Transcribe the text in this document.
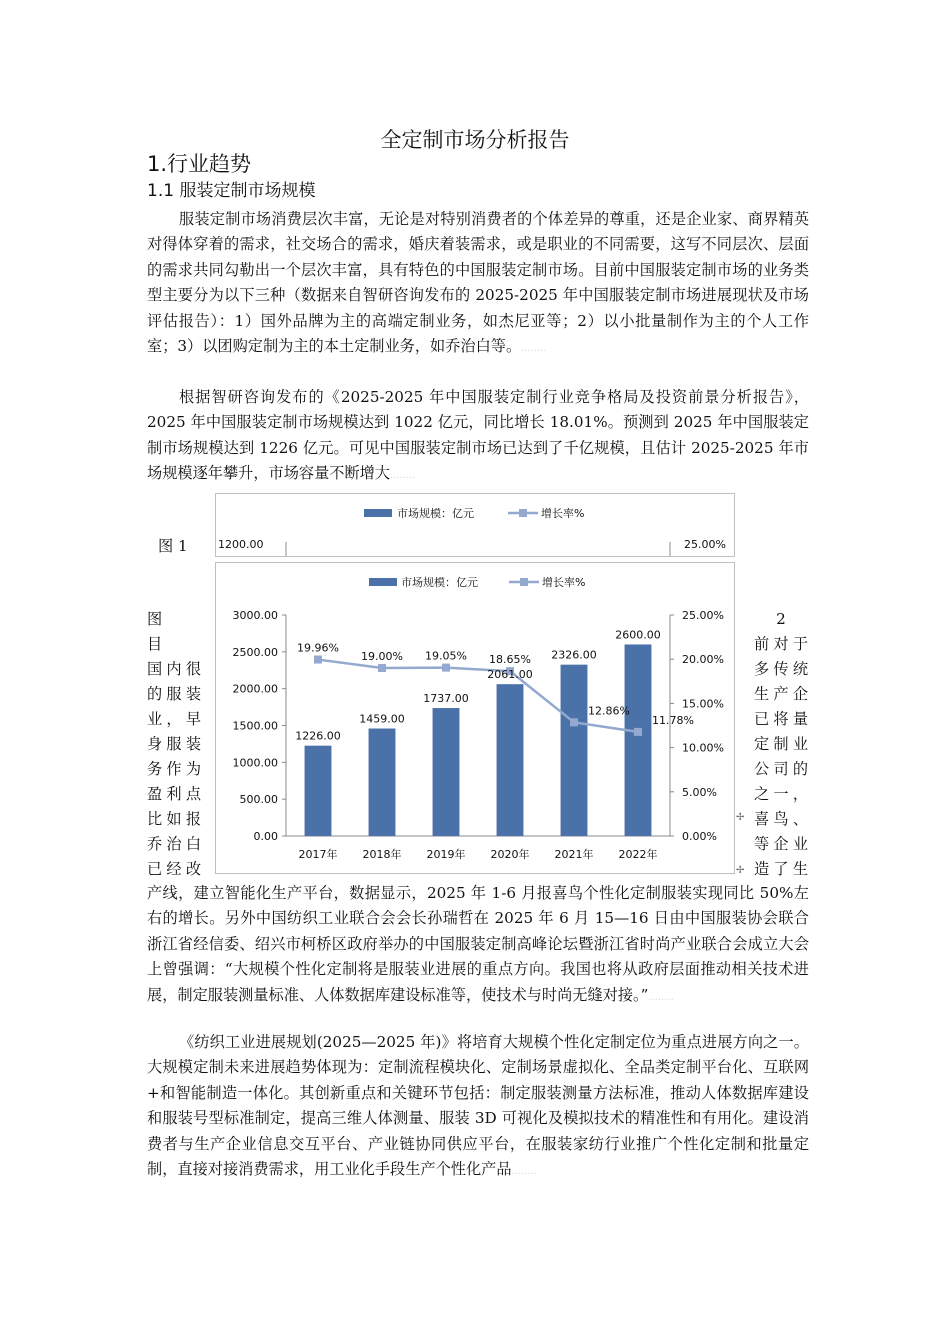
全定制市场分析报告
1.行业趋势
1.1 服装定制市场规模
服装定制市场消费层次丰富，无论是对特别消费者的个体差异的尊重，还是企业家、商界精英对得体穿着的需求，社交场合的需求，婚庆着装需求，或是职业的不同需要，这写不同层次、层面的需求共同勾勒出一个层次丰富，具有特色的中国服装定制市场。目前中国服装定制市场的业务类型主要分为以下三种（数据来自智研咨询发布的 2025-2025 年中国服装定制市场进展现状及市场评估报告）：1）国外品牌为主的高端定制业务，如杰尼亚等；2）以小批量制作为主的个人工作室；3）以团购定制为主的本土定制业务，如乔治白等。........
根据智研咨询发布的《2025-2025 年中国服装定制行业竞争格局及投资前景分析报告》，2025 年中国服装定制市场规模达到 1022 亿元，同比增长 18.01%。预测到 2025 年中国服装定制市场规模达到 1226 亿元。可见中国服装定制市场已达到了千亿规模，且估计 2025-2025 年市场规模逐年攀升，市场容量不断增大........
图 1
市场规模：亿元	增长率%
1200.00	25.00%
图
目
国内很
的服装
业，早
身服装
务作为
盈利点
比如报
乔治白
已经改
2
前对于
多传统
生产企
已将量
定制业
公司的
之一，
喜鸟、
等企业
造了生
市场规模：亿元	增长率%
0.00
500.00
1000.00
1500.00
2000.00
2500.00
3000.00
0.00%
5.00%
10.00%
15.00%
20.00%
25.00%
2017年 2018年 2019年 2020年 2021年 2022年
1226.00
1459.00
1737.00
2061.00
2326.00
2600.00
19.96%
19.00% 19.05% 18.65%
12.86%
11.78%
✢
✢
产线，建立智能化生产平台，数据显示，2025 年 1-6 月报喜鸟个性化定制服装实现同比 50%左右的增长。另外中国纺织工业联合会会长孙瑞哲在 2025 年 6 月 15—16 日由中国服装协会联合浙江省经信委、绍兴市柯桥区政府举办的中国服装定制高峰论坛暨浙江省时尚产业联合会成立大会上曾强调：“大规模个性化定制将是服装业进展的重点方向。我国也将从政府层面推动相关技术进展，制定服装测量标准、人体数据库建设标准等，使技术与时尚无缝对接。”........
《纺织工业进展规划(2025—2025 年)》将培育大规模个性化定制定位为重点进展方向之一。大规模定制未来进展趋势体现为：定制流程模块化、定制场景虚拟化、全品类定制平台化、互联网+和智能制造一体化。其创新重点和关键环节包括：制定服装测量方法标准，推动人体数据库建设和服装号型标准制定，提高三维人体测量、服装 3D 可视化及模拟技术的精准性和有用化。建设消费者与生产企业信息交互平台、产业链协同供应平台，在服装家纺行业推广个性化定制和批量定制，直接对接消费需求，用工业化手段生产个性化产品........
